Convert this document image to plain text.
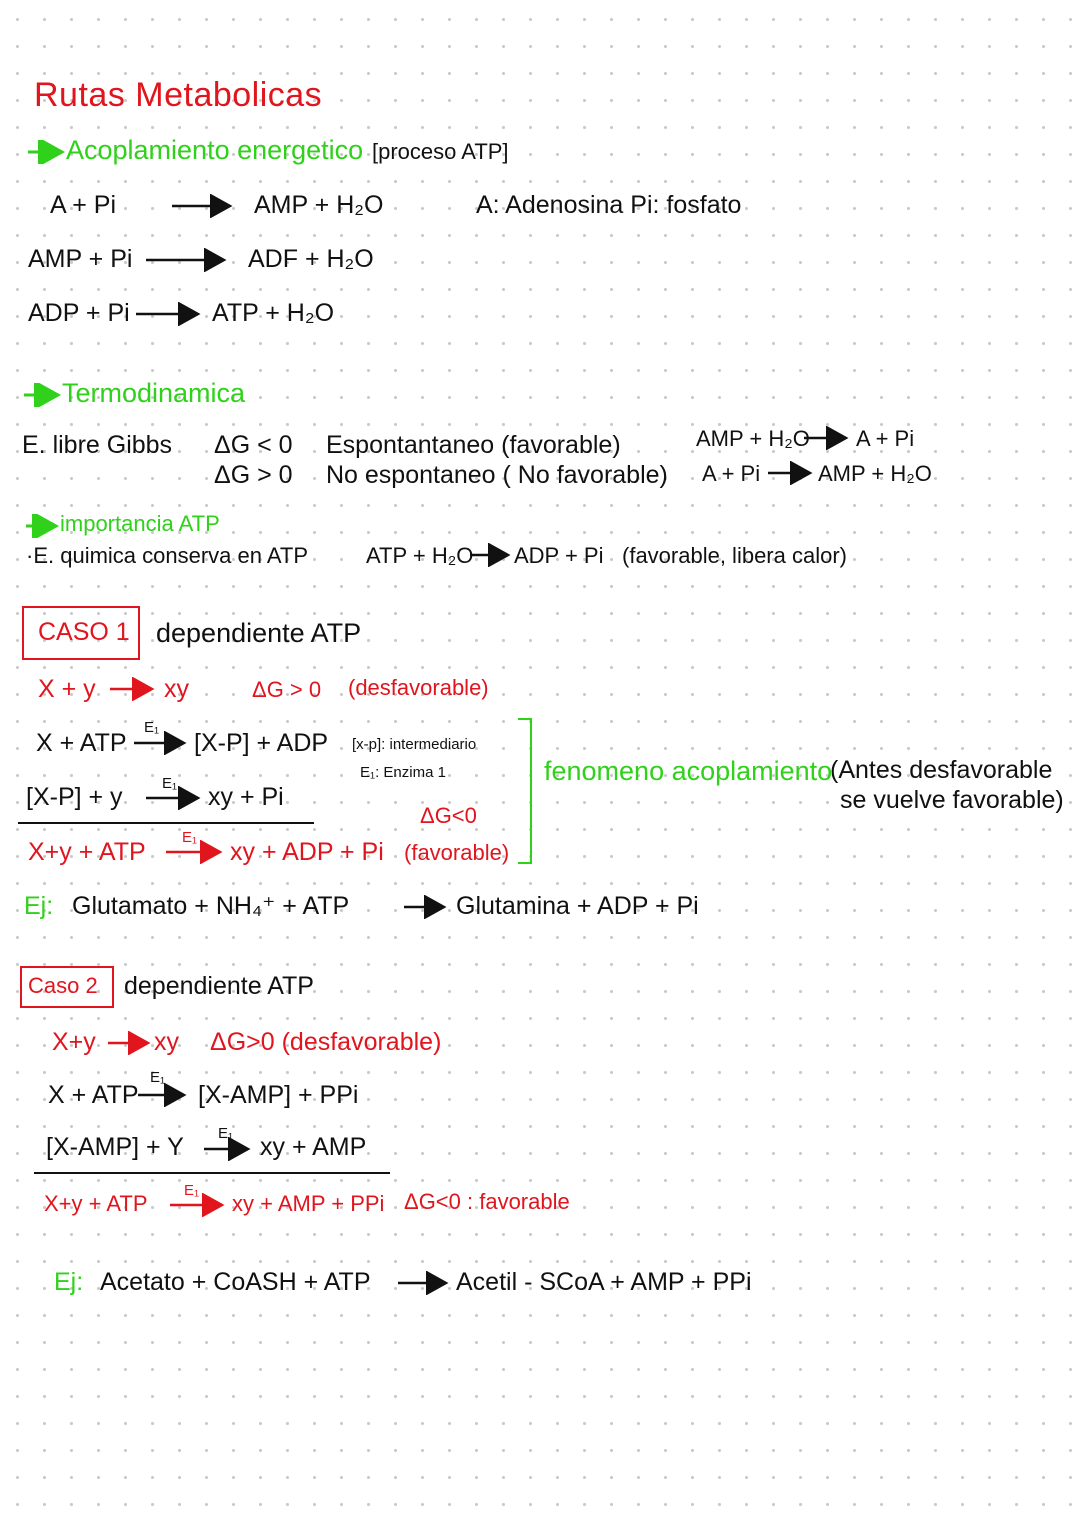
Rutas Metabolicas
Acoplamiento energetico [proceso ATP]
A + Pi	AMP + H₂O	A: Adenosina Pi: fosfato
AMP + Pi	ADF + H₂O
ADP + Pi	ATP + H₂O
Termodinamica
E. libre Gibbs ΔG < 0 Espontantaneo (favorable)
ΔG > 0 No espontaneo ( No favorable)
AMP + H₂O → A + Pi
A + Pi → AMP + H₂O
importancia ATP
·E. quimica conserva en ATP	ATP + H₂O → ADP + Pi (favorable, libera calor)
CASO 1 dependiente ATP
X + y → xy	ΔG > 0 (desfavorable)
X + ATP
E₁
→ [X-P] + ADP [x-p]: intermediario
E₁: Enzima 1
[X-P] + y	E₁ → xy + Pi
ΔG<0
X+y + ATP
E₁
→ xy + ADP + Pi (favorable)
fenomeno acoplamiento
(Antes desfavorable
se vuelve favorable)
Ej: Glutamato + NH₄⁺ + ATP	→ Glutamina + ADP + Pi
Caso 2 dependiente ATP
X+y → xy ΔG>0 (desfavorable)
X + ATP
E₁
→ [X-AMP] + PPi
[X-AMP] + Y E₁ → xy + AMP
X+y + ATP
E₁
→ xy + AMP + PPi ΔG<0 : favorable
Ej: Acetato + CoASH + ATP → Acetil - SCoA + AMP + PPi
